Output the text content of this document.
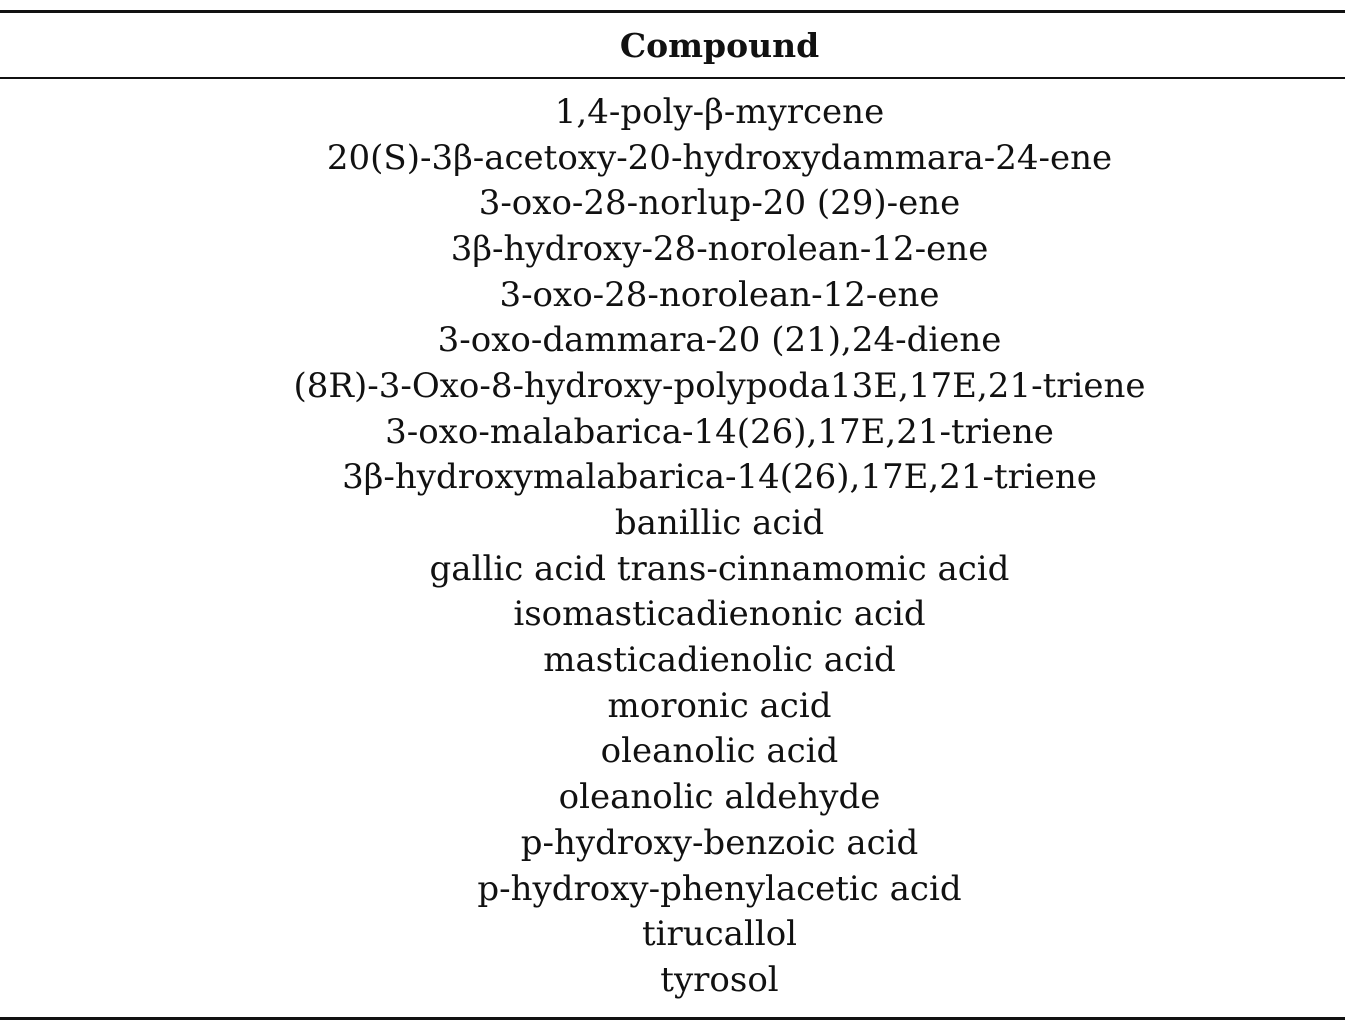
Compound
1,4-poly-β-myrcene
20(S)-3β-acetoxy-20-hydroxydammara-24-ene
3-oxo-28-norlup-20 (29)-ene
3β-hydroxy-28-norolean-12-ene
3-oxo-28-norolean-12-ene
3-oxo-dammara-20 (21),24-diene
(8R)-3-Oxo-8-hydroxy-polypoda13E,17E,21-triene
3-oxo-malabarica-14(26),17E,21-triene
3β-hydroxymalabarica-14(26),17E,21-triene
banillic acid
gallic acid trans-cinnamomic acid
isomasticadienonic acid
masticadienolic acid
moronic acid
oleanolic acid
oleanolic aldehyde
p-hydroxy-benzoic acid
p-hydroxy-phenylacetic acid
tirucallol
tyrosol
